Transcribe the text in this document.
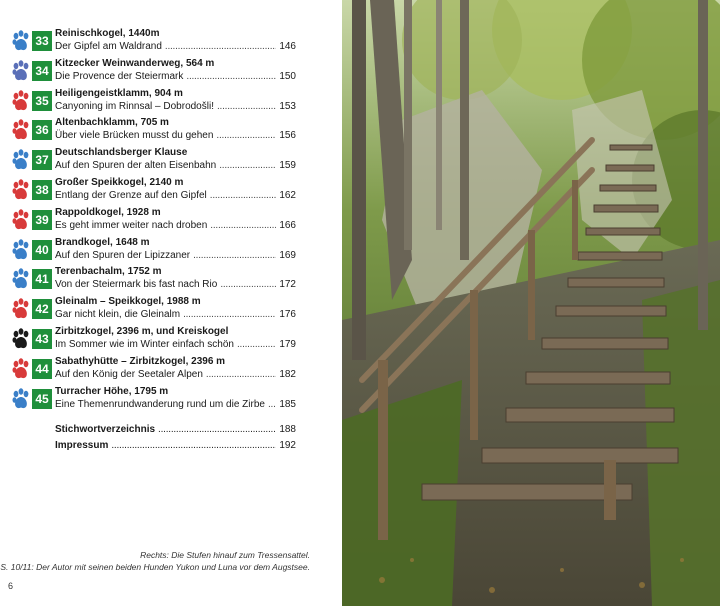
33
Reinischkogel, 1440m
Der Gipfel am Waldrand . . .	146
34
Kitzecker Weinwanderweg, 564 m
Die Provence der Steiermark . . .	150
35
Heiligengeistklamm, 904 m
Canyoning im Rinnsal – Dobrodošli! . . .	153
36
Altenbachklamm, 705 m
Über viele Brücken musst du gehen . . .	156
37
Deutschlandsberger Klause
Auf den Spuren der alten Eisenbahn . . .	159
38
Großer Speikkogel, 2140 m
Entlang der Grenze auf den Gipfel . . .	162
39
Rappoldkogel, 1928 m
Es geht immer weiter nach droben . . .	166
40
Brandkogel, 1648 m
Auf den Spuren der Lipizzaner . . .	169
41
Terenbachalm, 1752 m
Von der Steiermark bis fast nach Rio . . .	172
42
Gleinalm – Speikkogel, 1988 m
Gar nicht klein, die Gleinalm . . .	176
43
Zirbitzkogel, 2396 m, und Kreiskogel
Im Sommer wie im Winter einfach schön . . .	179
44
Sabathyhütte – Zirbitzkogel, 2396 m
Auf den König der Seetaler Alpen . . .	182
45
Turracher Höhe, 1795 m
Eine Themenrundwanderung rund um die Zirbe . . . 185
Stichwortverzeichnis . . .	188
Impressum . . .	192
Rechts: Die Stufen hinauf zum Tressensattel.
S. 10/11: Der Autor mit seinen beiden Hunden Yukon und Luna vor dem Augstsee.
6
